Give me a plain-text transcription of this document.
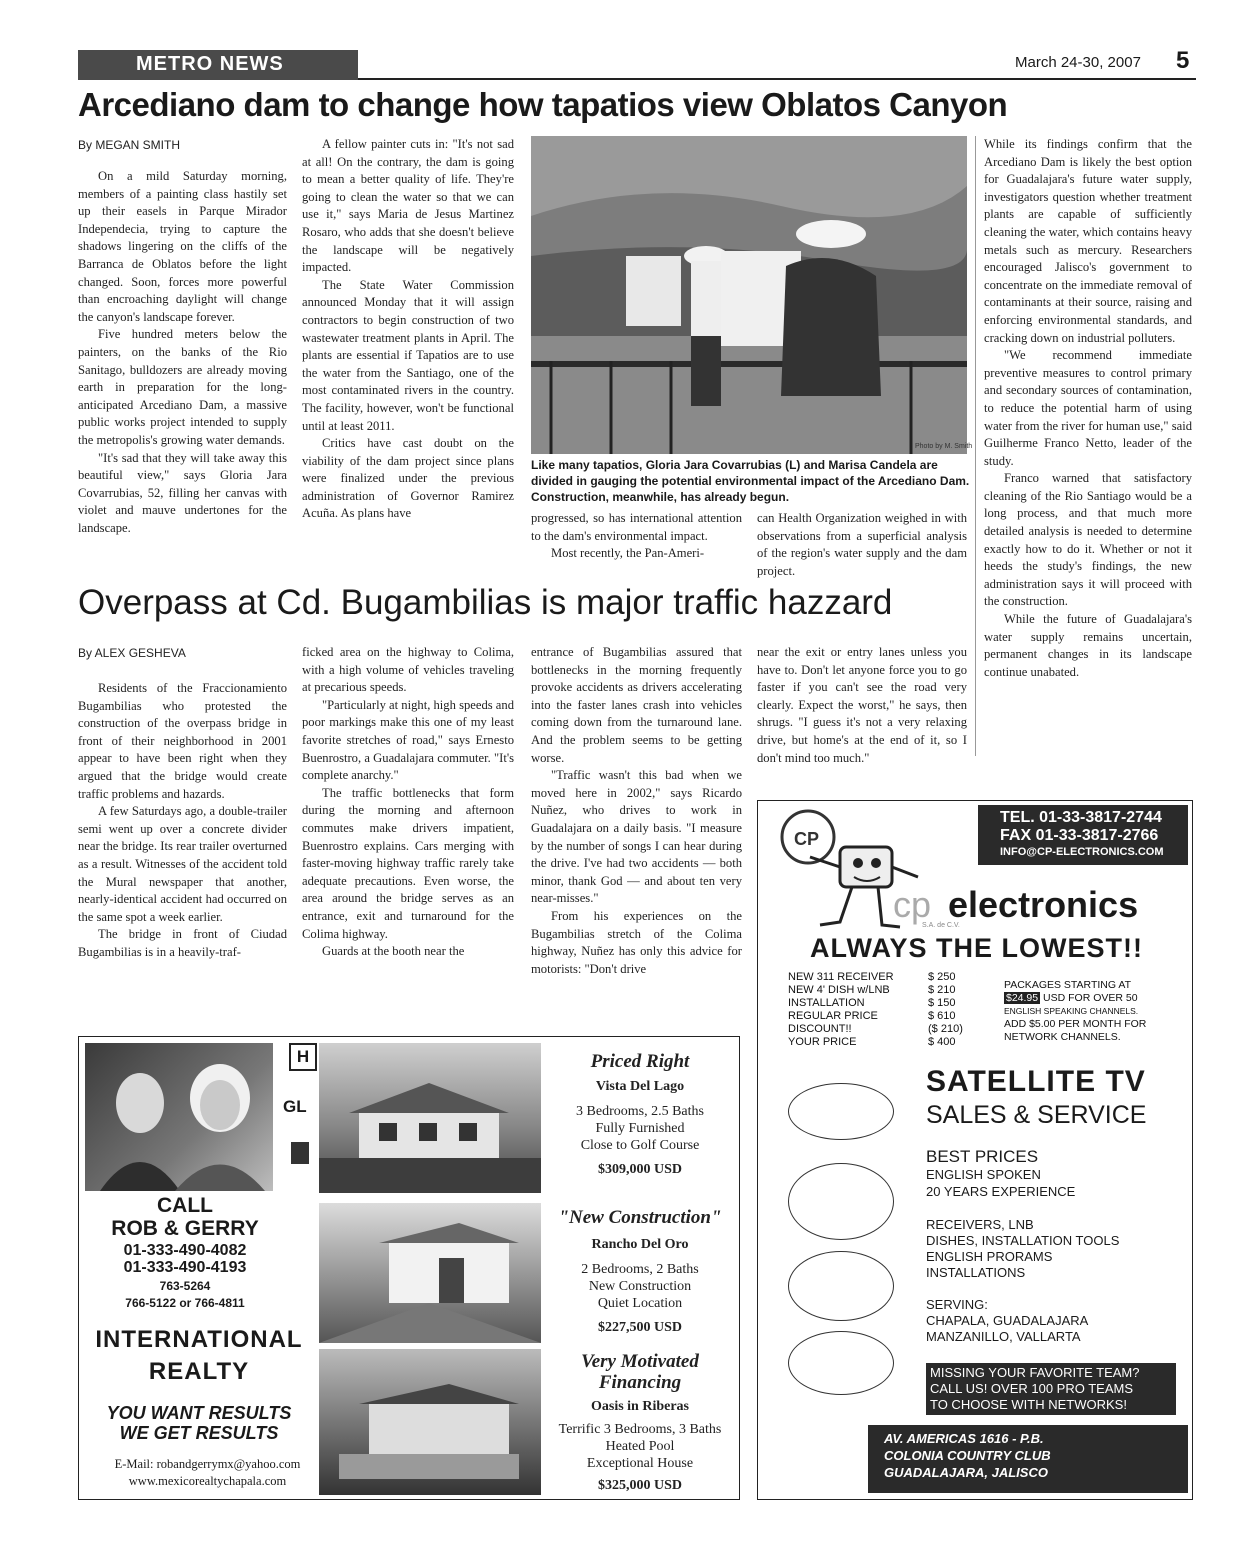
METRO NEWS	March 24-30, 2007 5
Arcediano dam to change how tapatios view Oblatos Canyon
By MEGAN SMITH

On a mild Saturday morning, members of a painting class hastily set up their easels in Parque Mirador Independecia, trying to capture the shadows lingering on the cliffs of the Barranca de Oblatos before the light changed. Soon, forces more powerful than encroaching daylight will change the canyon's landscape forever.

Five hundred meters below the painters, on the banks of the Rio Sanitago, bulldozers are already moving earth in preparation for the long-anticipated Arcediano Dam, a massive public works project intended to supply the metropolis's growing water demands.

"It's sad that they will take away this beautiful view," says Gloria Jara Covarrubias, 52, filling her canvas with violet and mauve undertones for the landscape.

A fellow painter cuts in: "It's not sad at all! On the contrary, the dam is going to mean a better quality of life. They're going to clean the water so that we can use it," says Maria de Jesus Martinez Rosaro, who adds that she doesn't believe the landscape will be negatively impacted.

The State Water Commission announced Monday that it will assign contractors to begin construction of two wastewater treatment plants in April. The plants are essential if Tapatios are to use the water from the Santiago, one of the most contaminated rivers in the country. The facility, however, won't be functional until at least 2011.

Critics have cast doubt on the viability of the dam project since plans were finalized under the previous administration of Governor Ramirez Acuña. As plans have

Photo by M. Smith
Like many tapatios, Gloria Jara Covarrubias (L) and Marisa Candela are divided in gauging the potential environmental impact of the Arcediano Dam. Construction, meanwhile, has already begun.

progressed, so has international attention to the dam's environmental impact.

Most recently, the Pan-Ameri-

can Health Organization weighed in with observations from a superficial analysis of the region's water supply and the dam project.

While its findings confirm that the Arcediano Dam is likely the best option for Guadalajara's future water supply, investigators question whether treatment plants are capable of sufficiently cleaning the water, which contains heavy metals such as mercury. Researchers encouraged Jalisco's government to concentrate on the immediate removal of contaminants at their source, raising and enforcing environmental standards, and cracking down on industrial polluters.

"We recommend immediate preventive measures to control primary and secondary sources of contamination, to reduce the potential harm of using water from the river for human use," said Guilherme Franco Netto, leader of the study.

Franco warned that satisfactory cleaning of the Rio Santiago would be a long process, and that much more detailed analysis is needed to determine exactly how to do it. Whether or not it heeds the study's findings, the new administration says it will proceed with the construction.

While the future of Guadalajara's water supply remains uncertain, permanent changes in its landscape continue unabated.

Overpass at Cd. Bugambilias is major traffic hazzard
By ALEX GESHEVA

Residents of the Fraccionamiento Bugambilias who protested the construction of the overpass bridge in front of their neighborhood in 2001 appear to have been right when they argued that the bridge would create traffic problems and hazards.

A few Saturdays ago, a double-trailer semi went up over a concrete divider near the bridge. Its rear trailer overturned as a result. Witnesses of the accident told the Mural newspaper that another, nearly-identical accident had occurred on the same spot a week earlier.

The bridge in front of Ciudad Bugambilias is in a heavily-traf-

ficked area on the highway to Colima, with a high volume of vehicles traveling at precarious speeds.

"Particularly at night, high speeds and poor markings make this one of my least favorite stretches of road," says Ernesto Buenrostro, a Guadalajara commuter. "It's complete anarchy."

The traffic bottlenecks that form during the morning and afternoon commutes make drivers impatient, Buenrostro explains. Cars merging with faster-moving highway traffic rarely take adequate precautions. Even worse, the area around the bridge serves as an entrance, exit and turnaround for the Colima highway.

Guards at the booth near the

entrance of Bugambilias assured that bottlenecks in the morning frequently provoke accidents as drivers accelerating into the faster lanes crash into vehicles coming down from the turnaround lane. And the problem seems to be getting worse.

"Traffic wasn't this bad when we moved here in 2002," says Ricardo Nuñez, who drives to work in Guadalajara on a daily basis. "I measure by the number of songs I can hear during the drive. I've had two accidents — both minor, thank God — and about ten very near-misses."

From his experiences on the Bugambilias stretch of the Colima highway, Nuñez has only this advice for motorists: "Don't drive

near the exit or entry lanes unless you have to. Don't let anyone force you to go faster if you can't see the road very clearly. Expect the worst," he says, then shrugs. "I guess it's not a very relaxing drive, but home's at the end of it, so I don't mind too much."

H
GL
CALL
ROB & GERRY
01-333-490-4082
01-333-490-4193
763-5264
766-5122 or 766-4811
INTERNATIONAL
REALTY
YOU WANT RESULTS
WE GET RESULTS
E-Mail: robandgerrymx@yahoo.com
www.mexicorealtychapala.com
Priced Right
Vista Del Lago
3 Bedrooms, 2.5 Baths
Fully Furnished
Close to Golf Course
$309,000 USD
"New Construction"
Rancho Del Oro
2 Bedrooms, 2 Baths
New Construction
Quiet Location
$227,500 USD
Very Motivated Financing
Oasis in Riberas
Terrific 3 Bedrooms, 3 Baths
Heated Pool
Exceptional House
$325,000 USD
TEL. 01-33-3817-2744
FAX 01-33-3817-2766
INFO@CP-ELECTRONICS.COM
CP
cp electronics
S.A. de C.V.
ALWAYS THE LOWEST!!
NEW 311 RECEIVER
NEW 4' DISH w/LNB
INSTALLATION
REGULAR PRICE
DISCOUNT!!
YOUR PRICE
$ 250
$ 210
$ 150
$ 610
($ 210)
$ 400
PACKAGES STARTING AT
$24.95 USD FOR OVER 50
ENGLISH SPEAKING CHANNELS.
ADD $5.00 PER MONTH FOR
NETWORK CHANNELS.
SATELLITE TV
SALES & SERVICE
BEST PRICES
ENGLISH SPOKEN
20 YEARS EXPERIENCE
RECEIVERS, LNB
DISHES, INSTALLATION TOOLS
ENGLISH PRORAMS
INSTALLATIONS
SERVING:
CHAPALA, GUADALAJARA
MANZANILLO, VALLARTA
MISSING YOUR FAVORITE TEAM?
CALL US! OVER 100 PRO TEAMS
TO CHOOSE WITH NETWORKS!
AV. AMERICAS 1616 - P.B.
COLONIA COUNTRY CLUB
GUADALAJARA, JALISCO
